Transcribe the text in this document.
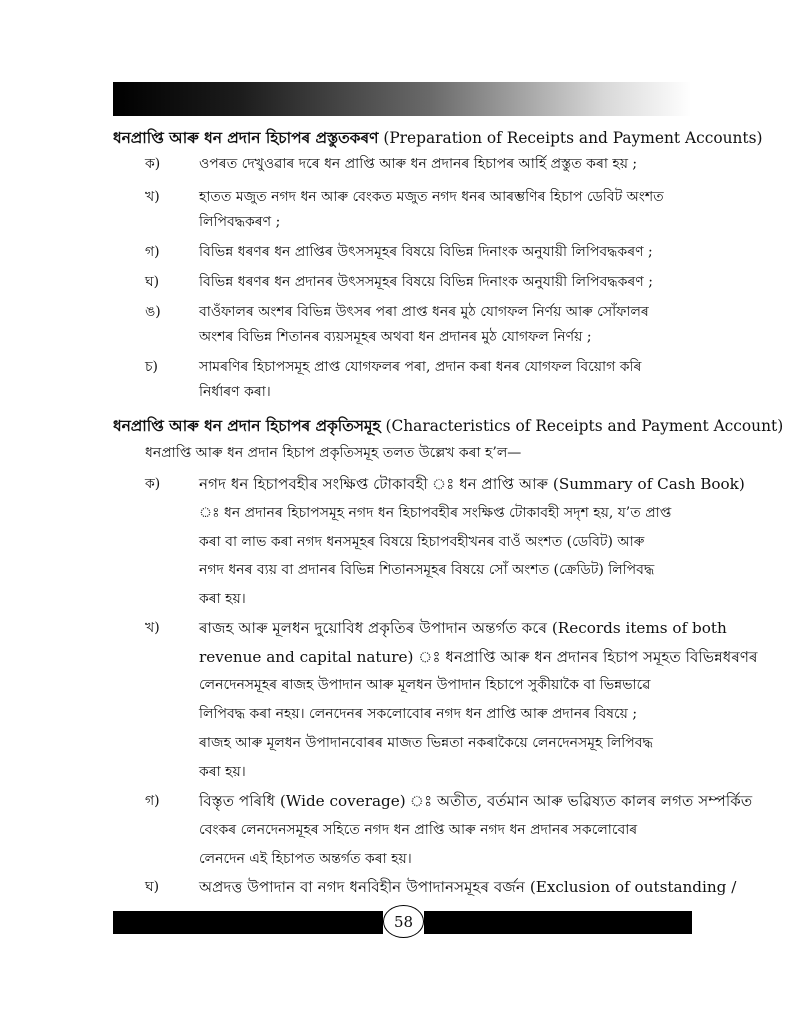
ধনপ্ৰাপ্তি আৰু ধন প্ৰদান হিচাপৰ প্ৰস্তুতকৰণ (Preparation of Receipts and Payment Accounts)
ক)	ওপৰত দেখুওৱাৰ দৰে ধন প্ৰাপ্তি আৰু ধন প্ৰদানৰ হিচাপৰ আৰ্হি প্ৰস্তুত কৰা হয় ;
খ)	হাতত মজুত নগদ ধন আৰু বেংকত মজুত নগদ ধনৰ আৰম্ভণিৰ হিচাপ ডেবিট অংশত
লিপিবদ্ধকৰণ ;
গ)	বিভিন্ন ধৰণৰ ধন প্ৰাপ্তিৰ উৎসসমূহৰ বিষয়ে বিভিন্ন দিনাংক অনুযায়ী লিপিবদ্ধকৰণ ;
ঘ)	বিভিন্ন ধৰণৰ ধন প্ৰদানৰ উৎসসমূহৰ বিষয়ে বিভিন্ন দিনাংক অনুযায়ী লিপিবদ্ধকৰণ ;
ঙ)	বাওঁফালৰ অংশৰ বিভিন্ন উৎসৰ পৰা প্ৰাপ্ত ধনৰ মুঠ যোগফল নিৰ্ণয় আৰু সোঁফালৰ
অংশৰ বিভিন্ন শিতানৰ ব্যয়সমূহৰ অথবা ধন প্ৰদানৰ মুঠ যোগফল নিৰ্ণয় ;
চ)	সামৰণিৰ হিচাপসমূহ প্ৰাপ্ত যোগফলৰ পৰা, প্ৰদান কৰা ধনৰ যোগফল বিয়োগ কৰি
নিৰ্ধাৰণ কৰা।
ধনপ্ৰাপ্তি আৰু ধন প্ৰদান হিচাপৰ প্ৰকৃতিসমূহ (Characteristics of Receipts and Payment Account)
ধনপ্ৰাপ্তি আৰু ধন প্ৰদান হিচাপ প্ৰকৃতিসমূহ তলত উল্লেখ কৰা হ’ল—
ক)	নগদ ধন হিচাপবহীৰ সংক্ষিপ্ত টোকাবহী ঃ ধন প্ৰাপ্তি আৰু (Summary of Cash Book)
ঃ ধন প্ৰদানৰ হিচাপসমূহ নগদ ধন হিচাপবহীৰ সংক্ষিপ্ত টোকাবহী সদৃশ হয়, য’ত প্ৰাপ্ত
কৰা বা লাভ কৰা নগদ ধনসমূহৰ বিষয়ে হিচাপবহীখনৰ বাওঁ অংশত (ডেবিট) আৰু
নগদ ধনৰ ব্যয় বা প্ৰদানৰ বিভিন্ন শিতানসমূহৰ বিষয়ে সোঁ অংশত (ক্ৰেডিট) লিপিবদ্ধ
কৰা হয়।
খ)	ৰাজহ আৰু মূলধন দুয়োবিধ প্ৰকৃতিৰ উপাদান অন্তৰ্গত কৰে (Records items of both
revenue and capital nature) ঃ ধনপ্ৰাপ্তি আৰু ধন প্ৰদানৰ হিচাপ সমূহত বিভিন্নধৰণৰ
লেনদেনসমূহৰ ৰাজহ উপাদান আৰু মূলধন উপাদান হিচাপে সুকীয়াকৈ বা ভিন্নভাৱে
লিপিবদ্ধ কৰা নহয়। লেনদেনৰ সকলোবোৰ নগদ ধন প্ৰাপ্তি আৰু প্ৰদানৰ বিষয়ে ;
ৰাজহ আৰু মূলধন উপাদানবোৰৰ মাজত ভিন্নতা নকৰাকৈয়ে লেনদেনসমূহ লিপিবদ্ধ
কৰা হয়।
গ)	বিস্তৃত পৰিধি (Wide coverage) ঃ অতীত, বৰ্তমান আৰু ভৱিষ্যত কালৰ লগত সম্পৰ্কিত
বেংকৰ লেনদেনসমূহৰ সহিতে নগদ ধন প্ৰাপ্তি আৰু নগদ ধন প্ৰদানৰ সকলোবোৰ
লেনদেন এই হিচাপত অন্তৰ্গত কৰা হয়।
ঘ)	অপ্ৰদত্ত উপাদান বা নগদ ধনবিহীন উপাদানসমূহৰ বৰ্জন (Exclusion of outstanding /
58
